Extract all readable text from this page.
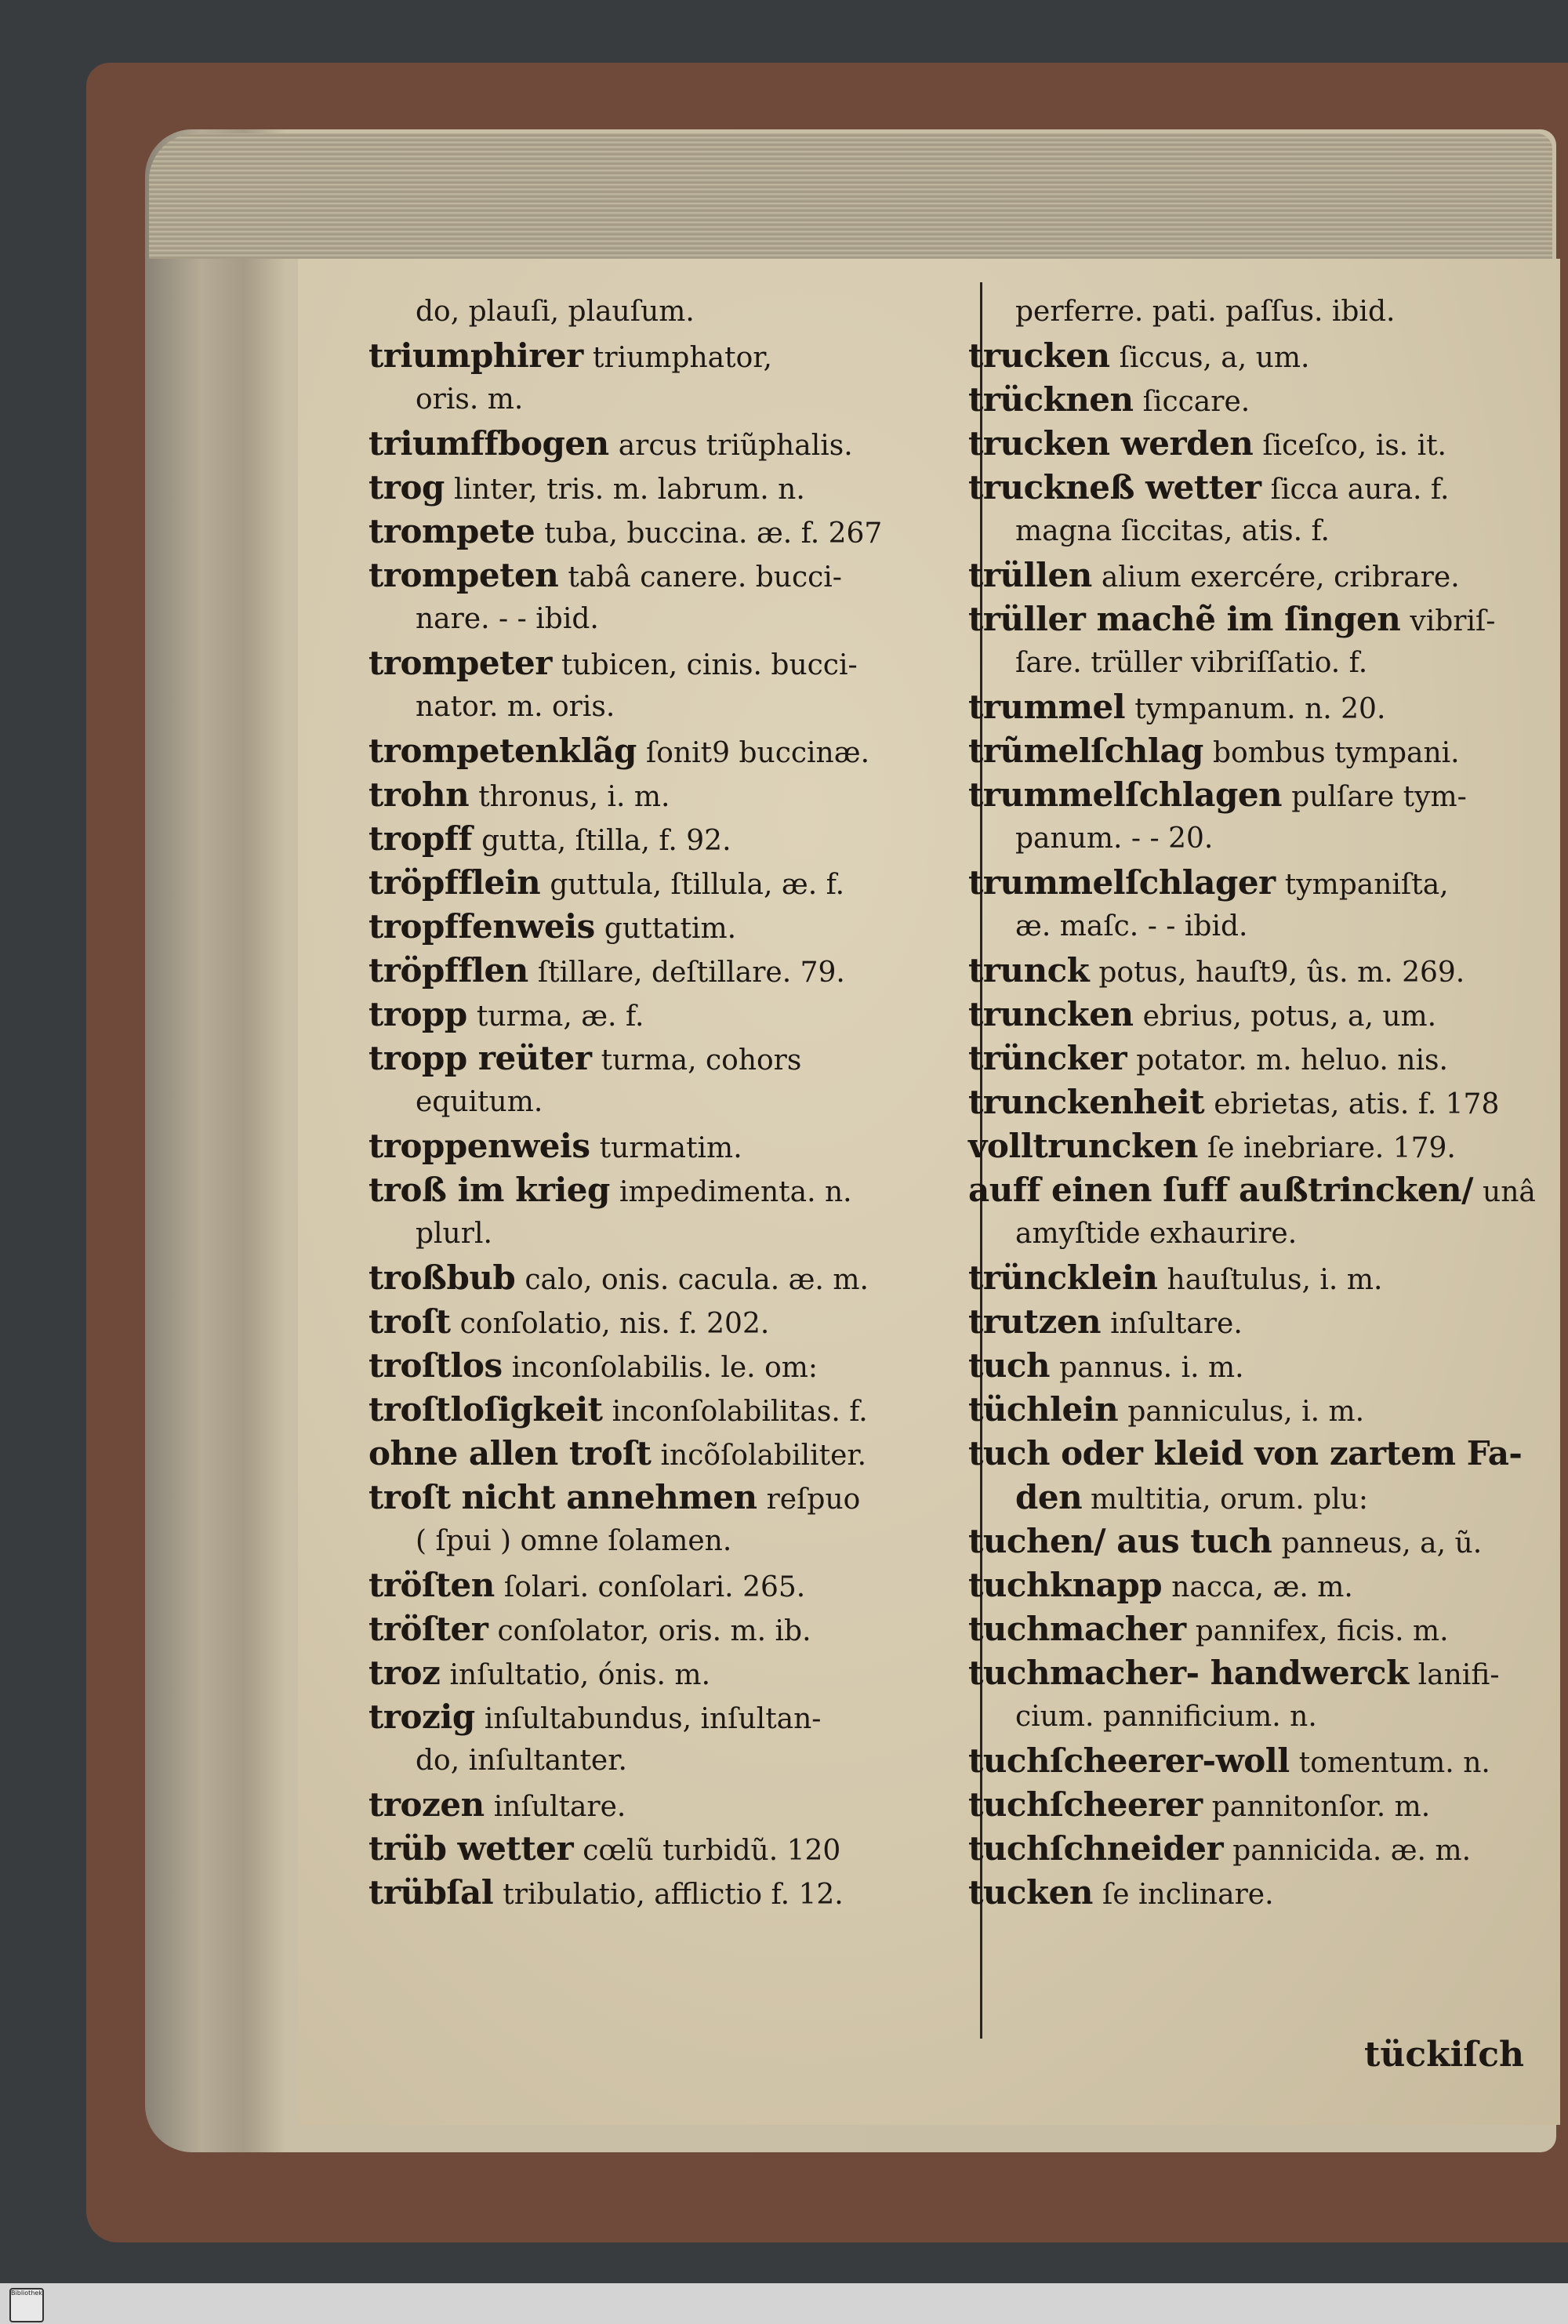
do, plauſi, plauſum.
triumphirer triumphator,
oris. m.
triumffbogen arcus triũphalis.
trog linter, tris. m. labrum. n.
trompete tuba, buccina. æ. f. 267
trompeten tabâ canere. bucci-
nare. - - ibid.
trompeter tubicen, cinis. bucci-
nator. m. oris.
trompetenklãg ſonit9 buccinæ.
trohn thronus, i. m.
tropff gutta, ſtilla, f. 92.
tröpfflein guttula, ſtillula, æ. f.
tropffenweis guttatim.
tröpfflen ſtillare, deſtillare. 79.
tropp turma, æ. f.
tropp reüter turma, cohors
equitum.
troppenweis turmatim.
troß im krieg impedimenta. n.
plurl.
troßbub calo, onis. cacula. æ. m.
troſt conſolatio, nis. f. 202.
troſtlos inconſolabilis. le. om:
troſtloſigkeit inconſolabilitas. f.
ohne allen troſt incõſolabiliter.
troſt nicht annehmen reſpuo
( ſpui ) omne ſolamen.
tröſten ſolari. conſolari. 265.
tröſter conſolator, oris. m. ib.
troz inſultatio, ónis. m.
trozig inſultabundus, inſultan-
do, inſultanter.
trozen inſultare.
trüb wetter cœlũ turbidũ. 120
trübſal tribulatio, afflictio f. 12.
perferre. pati. paſſus. ibid.
trucken ſiccus, a, um.
trücknen ſiccare.
trucken werden ſiceſco, is. it.
truckneß wetter ſicca aura. f.
magna ſiccitas, atis. f.
trüllen alium exercére, cribrare.
trüller machẽ im ſingen vibriſ-
ſare. trüller vibriſſatio. f.
trummel tympanum. n. 20.
trũmelſchlag bombus tympani.
trummelſchlagen pulſare tym-
panum. - - 20.
trummelſchlager tympaniſta,
æ. maſc. - - ibid.
trunck potus, hauſt9, ûs. m. 269.
truncken ebrius, potus, a, um.
trüncker potator. m. heluo. nis.
trunckenheit ebrietas, atis. f. 178
volltruncken ſe inebriare. 179.
auff einen ſuff außtrincken/ unâ
amyſtide exhaurire.
trüncklein hauſtulus, i. m.
trutzen inſultare.
tuch pannus. i. m.
tüchlein panniculus, i. m.
tuch oder kleid von zartem Fa-
den multitia, orum. plu:
tuchen/ aus tuch panneus, a, ũ.
tuchknapp nacca, æ. m.
tuchmacher pannifex, ficis. m.
tuchmacher- handwerck lanifi-
cium. pannificium. n.
tuchſcheerer-woll tomentum. n.
tuchſcheerer pannitonſor. m.
tuchſchneider pannicida. æ. m.
tucken ſe inclinare.
tückiſch
Bibliothek
